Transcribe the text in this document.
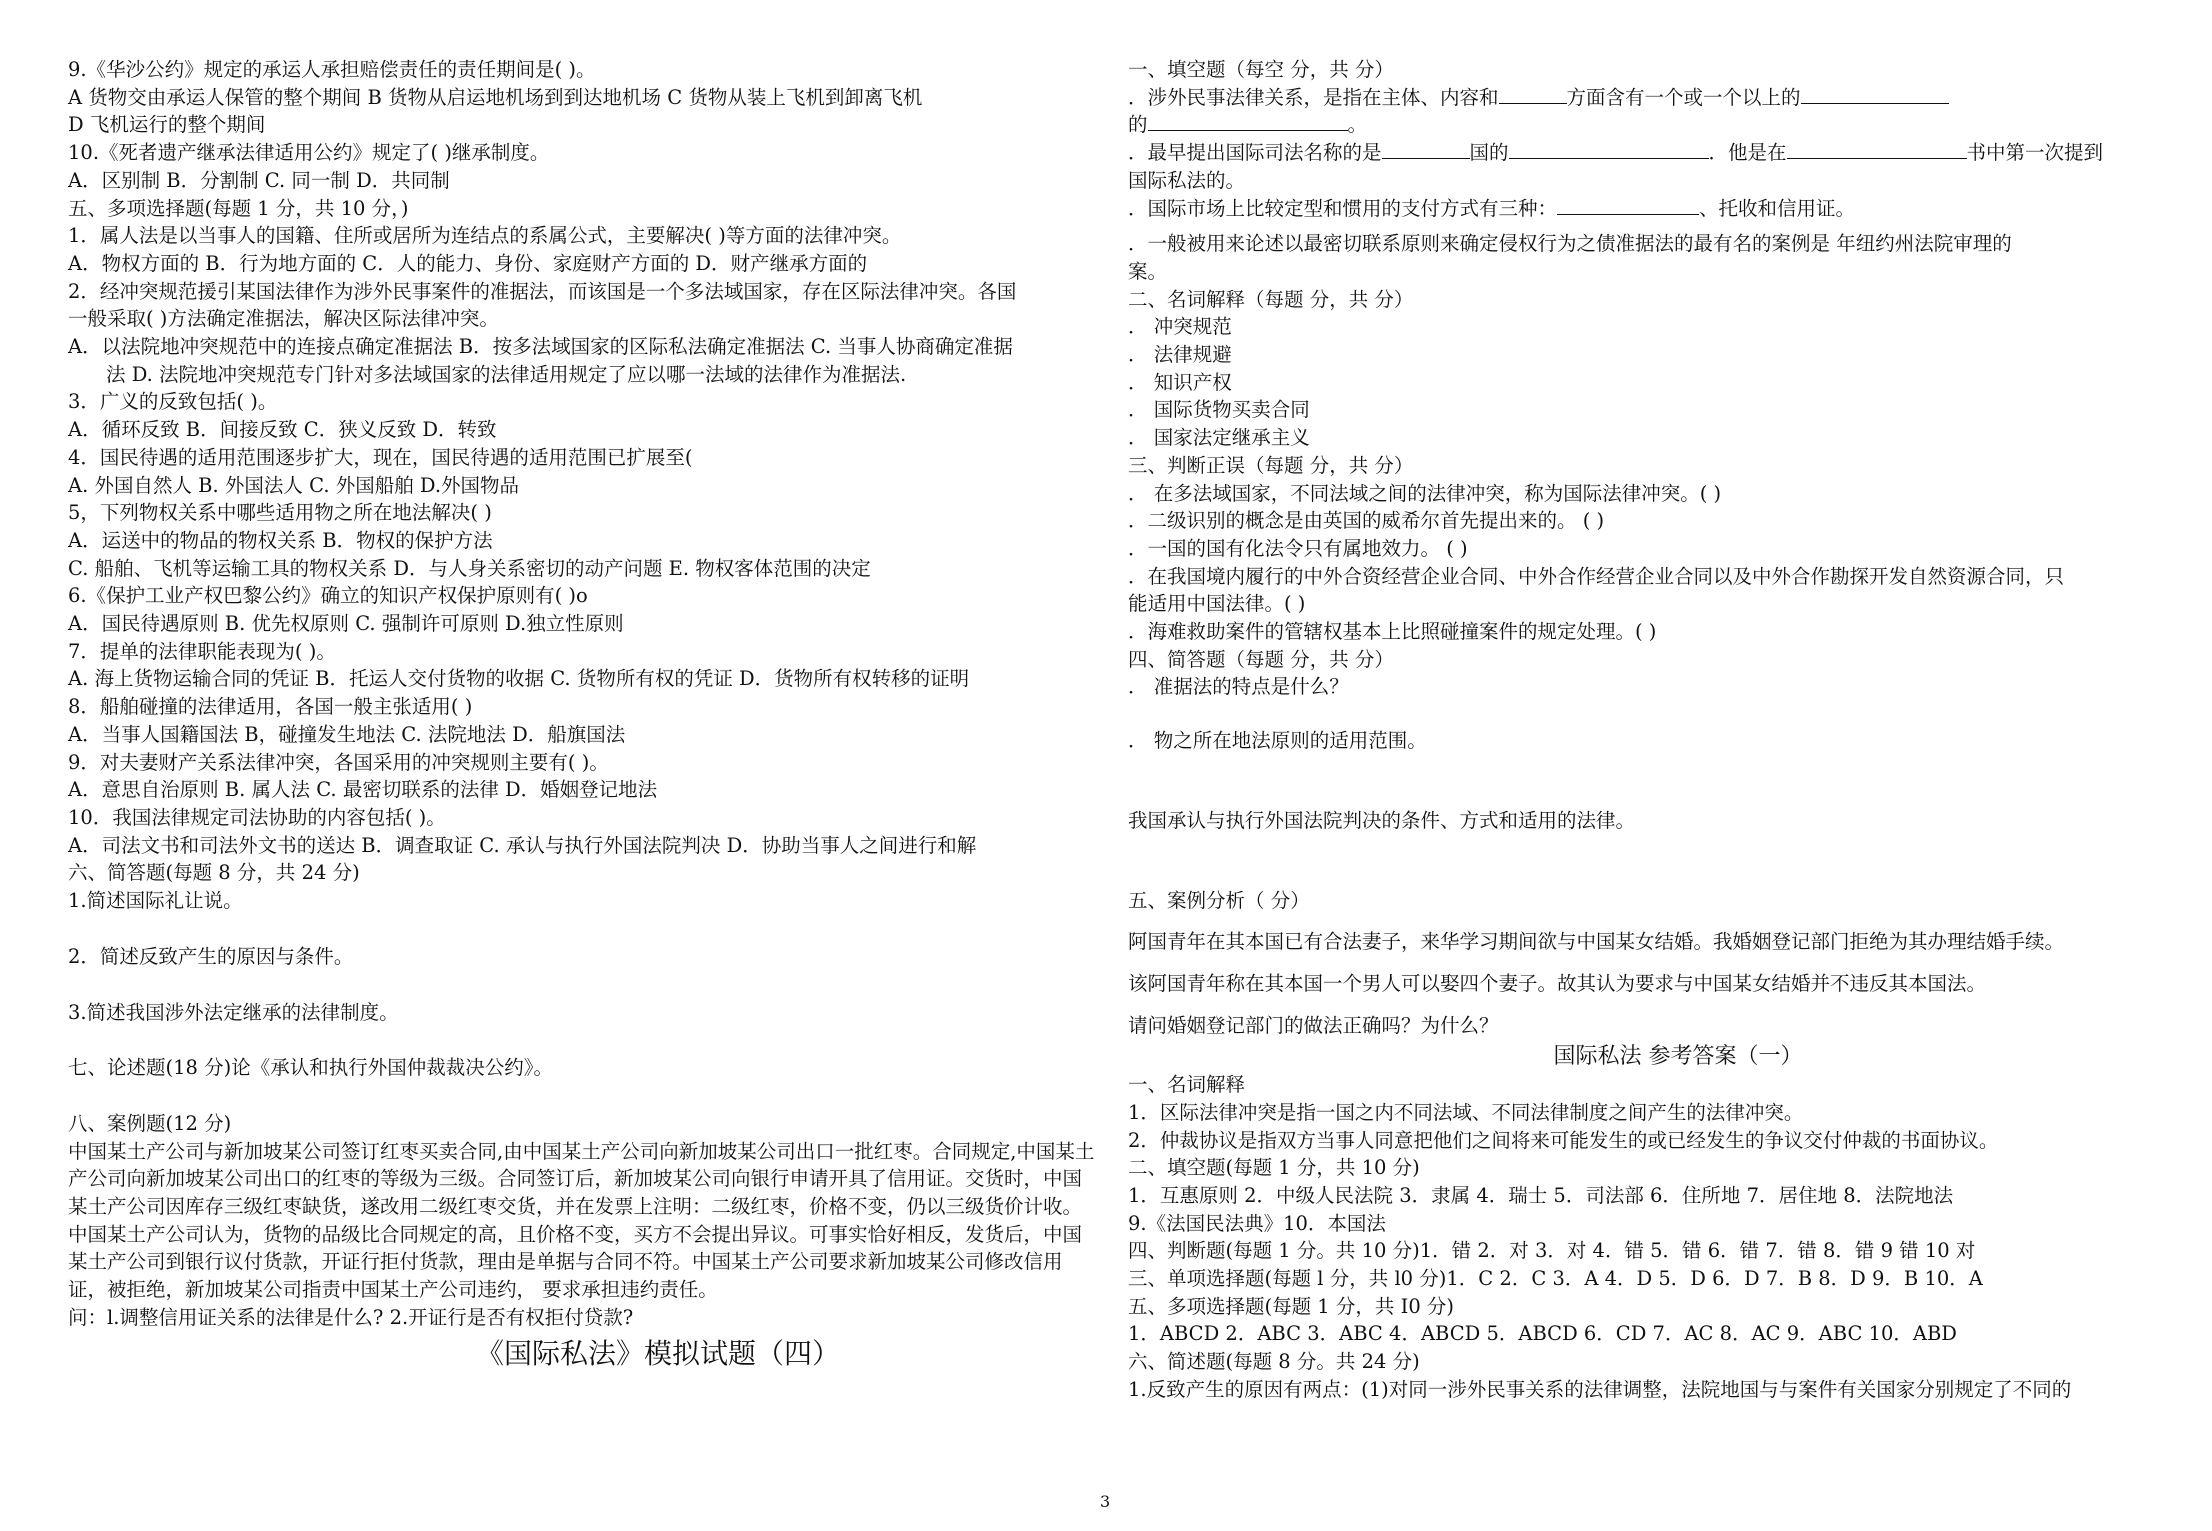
9.《华沙公约》规定的承运人承担赔偿责任的责任期间是( )。

A 货物交由承运人保管的整个期间 B 货物从启运地机场到到达地机场 C 货物从装上飞机到卸离飞机

D 飞机运行的整个期间

10.《死者遗产继承法律适用公约》规定了( )继承制度。

A．区别制 B．分割制 C. 同一制 D．共同制

五、多项选择题(每题 1 分，共 10 分，)

1．属人法是以当事人的国籍、住所或居所为连结点的系属公式，主要解决( )等方面的法律冲突。

A．物权方面的 B．行为地方面的 C．人的能力、身份、家庭财产方面的 D．财产继承方面的

2．经冲突规范援引某国法律作为涉外民事案件的准据法，而该国是一个多法域国家，存在区际法律冲突。各国

一般采取( )方法确定准据法，解决区际法律冲突。

A．以法院地冲突规范中的连接点确定准据法 B．按多法域国家的区际私法确定准据法 C. 当事人协商确定准据

法 D. 法院地冲突规范专门针对多法域国家的法律适用规定了应以哪一法域的法律作为准据法.

3．广义的反致包括( )。

A．循环反致 B．间接反致 C．狭义反致 D．转致

4．国民待遇的适用范围逐步扩大，现在，国民待遇的适用范围已扩展至(

A. 外国自然人 B. 外国法人 C. 外国船舶 D.外国物品

5，下列物权关系中哪些适用物之所在地法解决( )

A．运送中的物品的物权关系 B．物权的保护方法

C. 船舶、飞机等运输工具的物权关系 D．与人身关系密切的动产问题 E. 物权客体范围的决定

6.《保护工业产权巴黎公约》确立的知识产权保护原则有( )o

A．国民待遇原则 B. 优先权原则 C. 强制许可原则 D.独立性原则

7．提单的法律职能表现为( )。

A. 海上货物运输合同的凭证 B．托运人交付货物的收据 C. 货物所有权的凭证 D．货物所有权转移的证明

8．船舶碰撞的法律适用，各国一般主张适用( )

A．当事人国籍国法 B，碰撞发生地法 C. 法院地法 D．船旗国法

9．对夫妻财产关系法律冲突，各国采用的冲突规则主要有( )。

A．意思自治原则 B. 属人法 C. 最密切联系的法律 D．婚姻登记地法

10．我国法律规定司法协助的内容包括( )。

A．司法文书和司法外文书的送达 B．调查取证 C. 承认与执行外国法院判决 D．协助当事人之间进行和解

六、简答题(每题 8 分，共 24 分)

1.简述国际礼让说。

2．简述反致产生的原因与条件。

3.简述我国涉外法定继承的法律制度。

七、论述题(18 分)论《承认和执行外国仲裁裁决公约》。

八、案例题(12 分)

中国某土产公司与新加坡某公司签订红枣买卖合同,由中国某土产公司向新加坡某公司出口一批红枣。合同规定,中国某土产公司向新加坡某公司出口的红枣的等级为三级。合同签订后，新加坡某公司向银行申请开具了信用证。交货时，中国某土产公司因库存三级红枣缺货，遂改用二级红枣交货，并在发票上注明：二级红枣，价格不变，仍以三级货价计收。中国某土产公司认为，货物的品级比合同规定的高，且价格不变，买方不会提出异议。可事实恰好相反，发货后，中国某土产公司到银行议付货款，开证行拒付货款，理由是单据与合同不符。中国某土产公司要求新加坡某公司修改信用证，被拒绝，新加坡某公司指责中国某土产公司违约， 要求承担违约责任。

问：l.调整信用证关系的法律是什么? 2.开证行是否有权拒付贷款?

《国际私法》模拟试题（四）

一、填空题（每空 分，共 分）

．涉外民事法律关系，是指在主体、内容和	方面含有一个或一个以上的

的	。

．最早提出国际司法名称的是	国的	．他是在	书中第一次提到

国际私法的。

．国际市场上比较定型和惯用的支付方式有三种：	、托收和信用证。

．一般被用来论述以最密切联系原则来确定侵权行为之债准据法的最有名的案例是 年纽约州法院审理的

案。

二、名词解释（每题 分，共 分）

． 冲突规范

． 法律规避

． 知识产权

． 国际货物买卖合同

． 国家法定继承主义

三、判断正误（每题 分，共 分）

． 在多法域国家，不同法域之间的法律冲突，称为国际法律冲突。( )

．二级识别的概念是由英国的威希尔首先提出来的。 ( )

．一国的国有化法令只有属地效力。 ( )

．在我国境内履行的中外合资经营企业合同、中外合作经营企业合同以及中外合作勘探开发自然资源合同，只

能适用中国法律。( )

．海难救助案件的管辖权基本上比照碰撞案件的规定处理。( )

四、简答题（每题 分，共 分）

． 准据法的特点是什么？

． 物之所在地法原则的适用范围。

我国承认与执行外国法院判决的条件、方式和适用的法律。

五、案例分析（ 分）

阿国青年在其本国已有合法妻子，来华学习期间欲与中国某女结婚。我婚姻登记部门拒绝为其办理结婚手续。

该阿国青年称在其本国一个男人可以娶四个妻子。故其认为要求与中国某女结婚并不违反其本国法。

请问婚姻登记部门的做法正确吗？为什么？

国际私法 参考答案（一）

一、名词解释

1．区际法律冲突是指一国之内不同法域、不同法律制度之间产生的法律冲突。

2．仲裁协议是指双方当事人同意把他们之间将来可能发生的或已经发生的争议交付仲裁的书面协议。

二、填空题(每题 1 分，共 10 分)

1．互惠原则 2．中级人民法院 3．隶属 4．瑞士 5．司法部 6．住所地 7．居住地 8．法院地法

9.《法国民法典》10．本国法

四、判断题(每题 1 分。共 10 分)1．错 2．对 3．对 4．错 5．错 6．错 7．错 8．错 9 错 10 对

三、单项选择题(每题 l 分，共 l0 分)1．C 2．C 3．A 4．D 5．D 6．D 7．B 8．D 9．B 10．A

五、多项选择题(每题 1 分，共 I0 分)

1．ABCD 2．ABC 3．ABC 4．ABCD 5．ABCD 6．CD 7．AC 8．AC 9．ABC 10．ABD

六、简述题(每题 8 分。共 24 分)

1.反致产生的原因有两点：(1)对同一涉外民事关系的法律调整，法院地国与与案件有关国家分别规定了不同的

3
